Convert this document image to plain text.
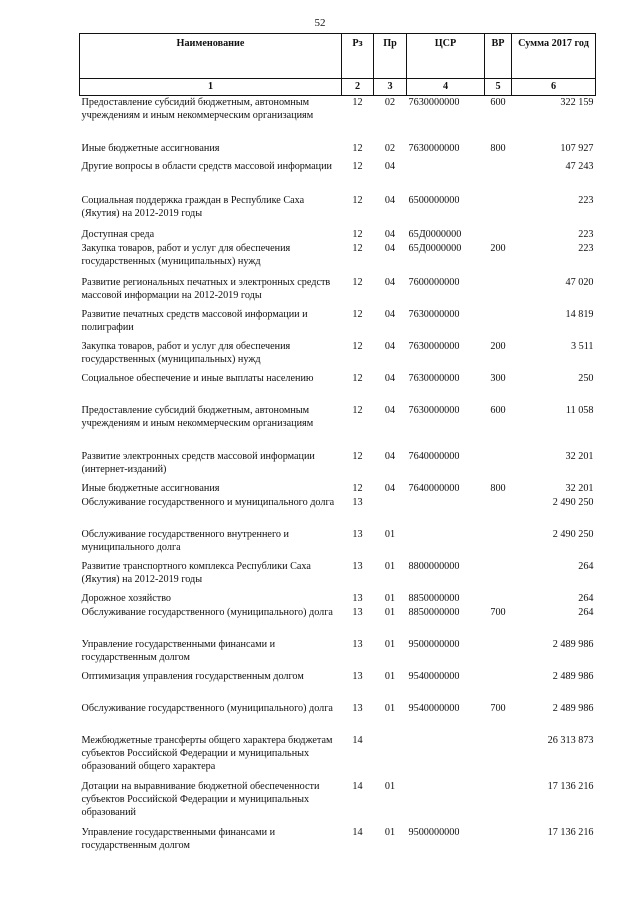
52
Наименование	Рз	Пр	ЦСР	ВР	Сумма 2017 год
1	2	3	4	5	6
Предоставление субсидий бюджетным, автономным учреждениям и иным некоммерческим организациям	12	02	7630000000	600	322 159
Иные бюджетные ассигнования	12	02	7630000000	800	107 927
Другие вопросы в области средств массовой информации	12	04			47 243
Социальная поддержка граждан в Республике Саха (Якутия) на 2012-2019 годы	12	04	6500000000		223
Доступная среда	12	04	65Д0000000		223
Закупка товаров, работ и услуг для обеспечения государственных (муниципальных) нужд	12	04	65Д0000000	200	223
Развитие региональных печатных и электронных средств массовой информации на 2012-2019 годы	12	04	7600000000		47 020
Развитие печатных средств массовой информации и полиграфии	12	04	7630000000		14 819
Закупка товаров, работ и услуг для обеспечения государственных (муниципальных) нужд	12	04	7630000000	200	3 511
Социальное обеспечение и иные выплаты населению	12	04	7630000000	300	250
Предоставление субсидий бюджетным, автономным учреждениям и иным некоммерческим организациям	12	04	7630000000	600	11 058
Развитие электронных средств массовой информации (интернет-изданий)	12	04	7640000000		32 201
Иные бюджетные ассигнования	12	04	7640000000	800	32 201
Обслуживание государственного и муниципального долга	13				2 490 250
Обслуживание государственного внутреннего и муниципального долга	13	01			2 490 250
Развитие транспортного комплекса Республики Саха (Якутия) на 2012-2019 годы	13	01	8800000000		264
Дорожное хозяйство	13	01	8850000000		264
Обслуживание государственного (муниципального) долга	13	01	8850000000	700	264
Управление государственными финансами и государственным долгом	13	01	9500000000		2 489 986
Оптимизация управления государственным долгом	13	01	9540000000		2 489 986
Обслуживание государственного (муниципального) долга	13	01	9540000000	700	2 489 986
Межбюджетные трансферты общего характера бюджетам субъектов Российской Федерации и муниципальных образований общего характера	14				26 313 873
Дотации на выравнивание бюджетной обеспеченности субъектов Российской Федерации и муниципальных образований	14	01			17 136 216
Управление государственными финансами и государственным долгом	14	01	9500000000		17 136 216
